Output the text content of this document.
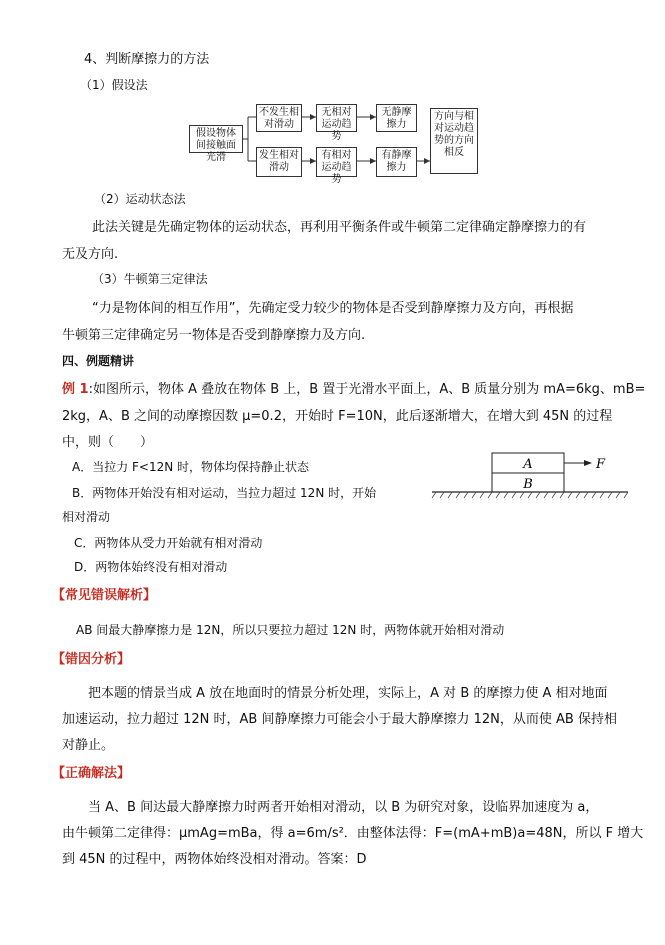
4、判断摩擦力的方法
（1）假设法
假设物体间接触面光滑
不发生相对滑动
无相对运动趋势
无静摩擦力
发生相对滑动
有相对运动趋势
有静摩擦力
方向与相对运动趋势的方向相反
（2）运动状态法
此法关键是先确定物体的运动状态，再利用平衡条件或牛顿第二定律确定静摩擦力的有
无及方向.
（3）牛顿第三定律法
“力是物体间的相互作用”，先确定受力较少的物体是否受到静摩擦力及方向，再根据
牛顿第三定律确定另一物体是否受到静摩擦力及方向.
四、例题精讲
例 1:如图所示，物体 A 叠放在物体 B 上，B 置于光滑水平面上，A、B 质量分别为 mA=6kg、mB=
2kg，A、B 之间的动摩擦因数 μ=0.2，开始时 F=10N，此后逐渐增大，在增大到 45N 的过程
中，则（　　）
A．当拉力 F<12N 时，物体均保持静止状态
B．两物体开始没有相对运动，当拉力超过 12N 时，开始
相对滑动
C．两物体从受力开始就有相对滑动
D．两物体始终没有相对滑动
A
B
F
【常见错误解析】
AB 间最大静摩擦力是 12N，所以只要拉力超过 12N 时，两物体就开始相对滑动
【错因分析】
把本题的情景当成 A 放在地面时的情景分析处理，实际上，A 对 B 的摩擦力使 A 相对地面
加速运动，拉力超过 12N 时，AB 间静摩擦力可能会小于最大静摩擦力 12N，从而使 AB 保持相
对静止。
【正确解法】
当 A、B 间达最大静摩擦力时两者开始相对滑动，以 B 为研究对象，设临界加速度为 a，
由牛顿第二定律得：μmAg=mBa，得 a=6m/s²．由整体法得：F=(mA+mB)a=48N，所以 F 增大
到 45N 的过程中，两物体始终没相对滑动。答案：D
